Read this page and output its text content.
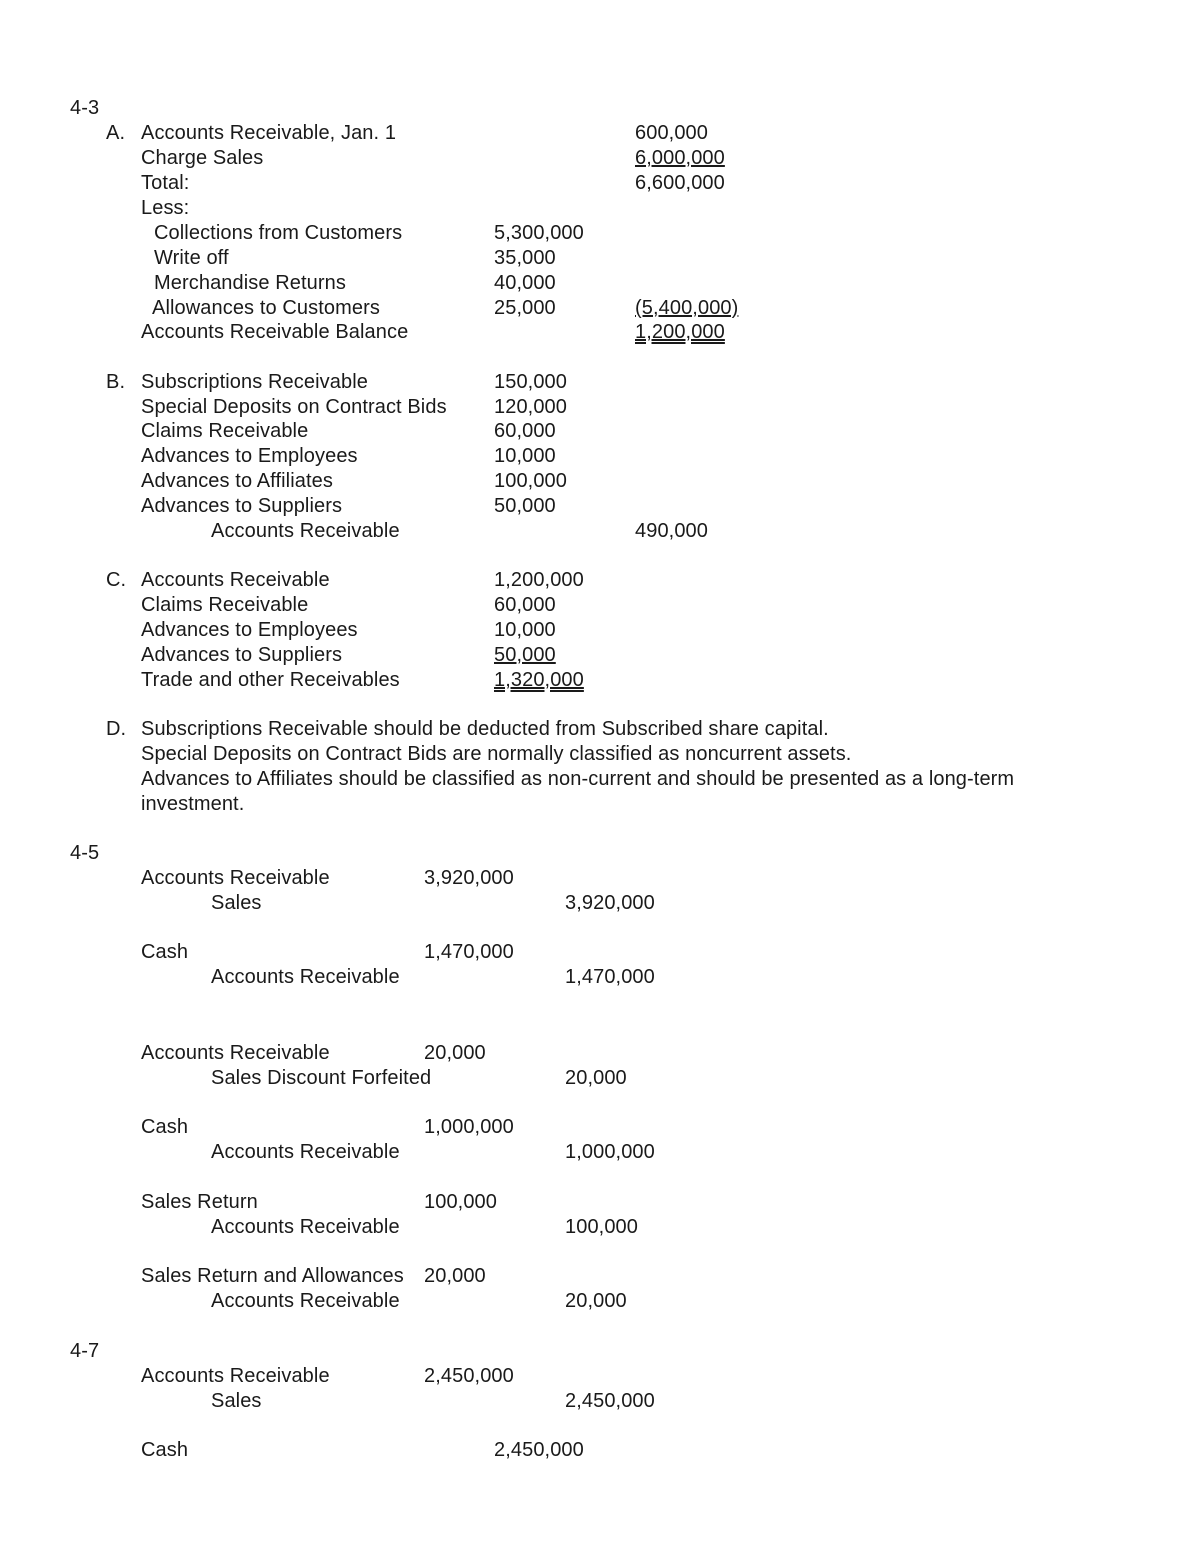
4-3
A. Accounts Receivable, Jan. 1	600,000
Charge Sales	6,000,000
Total:	6,600,000
Less:
Collections from Customers	5,300,000
Write off	35,000
Merchandise Returns	40,000
Allowances to Customers	25,000	(5,400,000)
Accounts Receivable Balance	1,200,000
B. Subscriptions Receivable	150,000
Special Deposits on Contract Bids 120,000
Claims Receivable	60,000
Advances to Employees	10,000
Advances to Affiliates	100,000
Advances to Suppliers	50,000
Accounts Receivable	490,000
C. Accounts Receivable	1,200,000
Claims Receivable	60,000
Advances to Employees	10,000
Advances to Suppliers	50,000
Trade and other Receivables	1,320,000
D. Subscriptions Receivable should be deducted from Subscribed share capital.
Special Deposits on Contract Bids are normally classified as noncurrent assets.
Advances to Affiliates should be classified as non-current and should be presented as a long-term
investment.
4-5
Accounts Receivable	3,920,000
Sales	3,920,000
Cash	1,470,000
Accounts Receivable	1,470,000
Accounts Receivable	20,000
Sales Discount Forfeited	20,000
Cash	1,000,000
Accounts Receivable	1,000,000
Sales Return	100,000
Accounts Receivable	100,000
Sales Return and Allowances 20,000
Accounts Receivable	20,000
4-7
Accounts Receivable	2,450,000
Sales	2,450,000
Cash	2,450,000
